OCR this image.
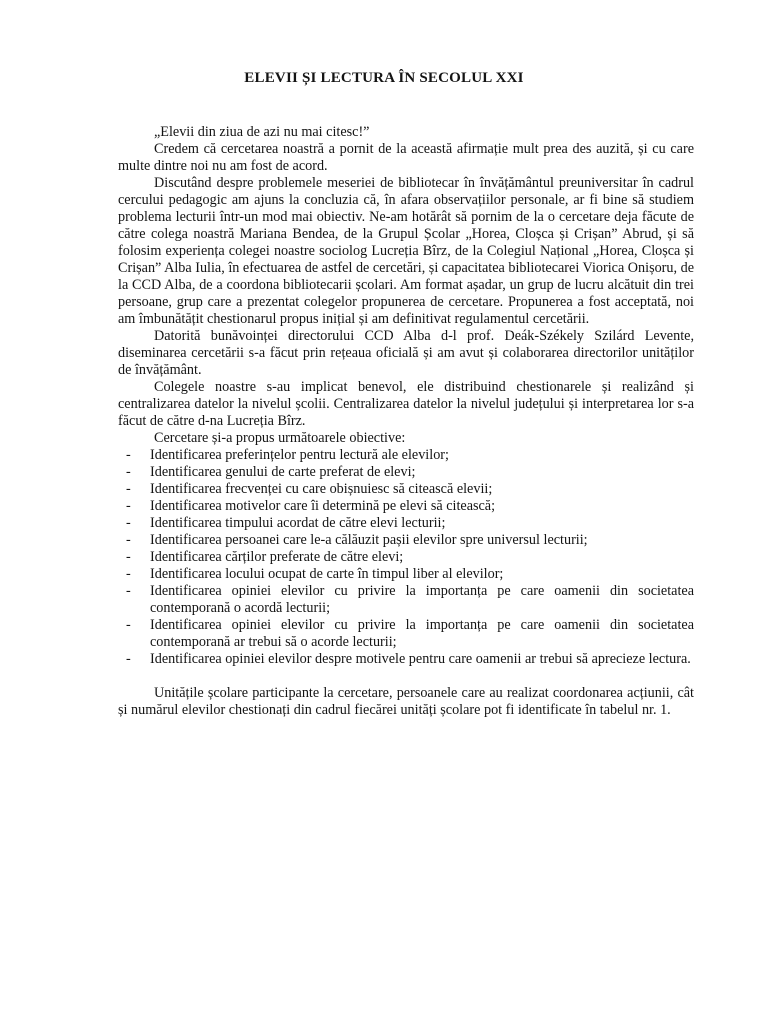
ELEVII ȘI LECTURA ÎN SECOLUL XXI

„Elevii din ziua de azi nu mai citesc!”

Credem că cercetarea noastră a pornit de la această afirmație mult prea des auzită, și cu care multe dintre noi nu am fost de acord.

Discutând despre problemele meseriei de bibliotecar în învățământul preuniversitar în cadrul cercului pedagogic am ajuns la concluzia că, în afara observațiilor personale, ar fi bine să studiem problema lecturii într-un mod mai obiectiv. Ne-am hotărât să pornim de la o cercetare deja făcute de către colega noastră Mariana Bendea, de la Grupul Școlar „Horea, Cloșca și Crișan” Abrud, și să folosim experiența colegei noastre sociolog Lucreția Bîrz, de la Colegiul Național „Horea, Cloșca și Crișan” Alba Iulia, în efectuarea de astfel de cercetări, și capacitatea bibliotecarei Viorica Onișoru, de la CCD Alba, de a coordona bibliotecarii școlari. Am format așadar, un grup de lucru alcătuit din trei persoane, grup care a prezentat colegelor propunerea de cercetare. Propunerea a fost acceptată, noi am îmbunătățit chestionarul propus inițial și am definitivat regulamentul cercetării.

Datorită bunăvoinței directorului CCD Alba d-l prof. Deák-Székely Szilárd Levente, diseminarea cercetării s-a făcut prin rețeaua oficială și am avut și colaborarea directorilor unităților de învățământ.

Colegele noastre s-au implicat benevol, ele distribuind chestionarele și realizând și centralizarea datelor la nivelul școlii. Centralizarea datelor la nivelul județului și interpretarea lor s-a făcut de către d-na Lucreția Bîrz.

Cercetare și-a propus următoarele obiective:

- Identificarea preferințelor pentru lectură ale elevilor;
- Identificarea genului de carte preferat de elevi;
- Identificarea frecvenței cu care obișnuiesc să citească elevii;
- Identificarea motivelor care îi determină pe elevi să citească;
- Identificarea timpului acordat de către elevi lecturii;
- Identificarea persoanei care le-a călăuzit pașii elevilor spre universul lecturii;
- Identificarea cărților preferate de către elevi;
- Identificarea locului ocupat de carte în timpul liber al elevilor;
- Identificarea opiniei elevilor cu privire la importanța pe care oamenii din societatea contemporană o acordă lecturii;
- Identificarea opiniei elevilor cu privire la importanța pe care oamenii din societatea contemporană ar trebui să o acorde lecturii;
- Identificarea opiniei elevilor despre motivele pentru care oamenii ar trebui să aprecieze lectura.

Unitățile școlare participante la cercetare, persoanele care au realizat coordonarea acțiunii, cât și numărul elevilor chestionați din cadrul fiecărei unități școlare pot fi identificate în tabelul nr. 1.
